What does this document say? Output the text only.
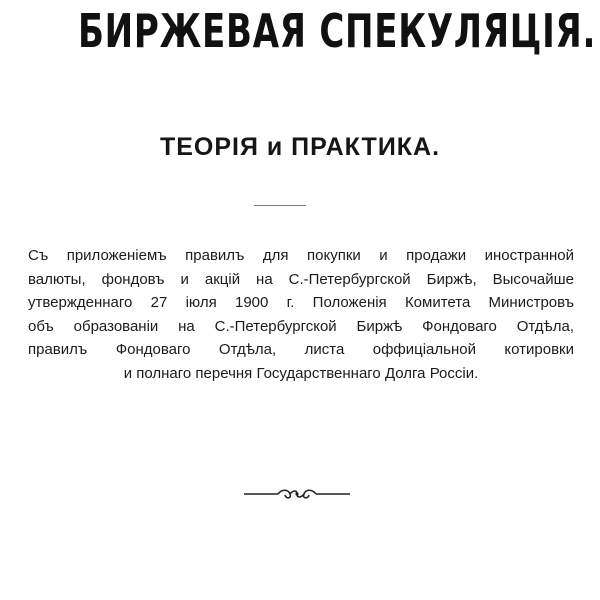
БИРЖЕВАЯ СПЕКУЛЯЦІЯ.
ТЕОРІЯ и ПРАКТИКА.
Съ приложеніемъ правилъ для покупки и продажи иностранной
валюты, фондовъ и акцій на С.-Петербургской Биржѣ, Высочайше
утвержденнаго 27 іюля 1900 г. Положенія Комитета Министровъ
объ образованіи на С.-Петербургской Биржѣ Фондоваго Отдѣла,
правилъ Фондоваго Отдѣла, листа оффиціальной котировки
и полнаго перечня Государственнаго Долга Россіи.
